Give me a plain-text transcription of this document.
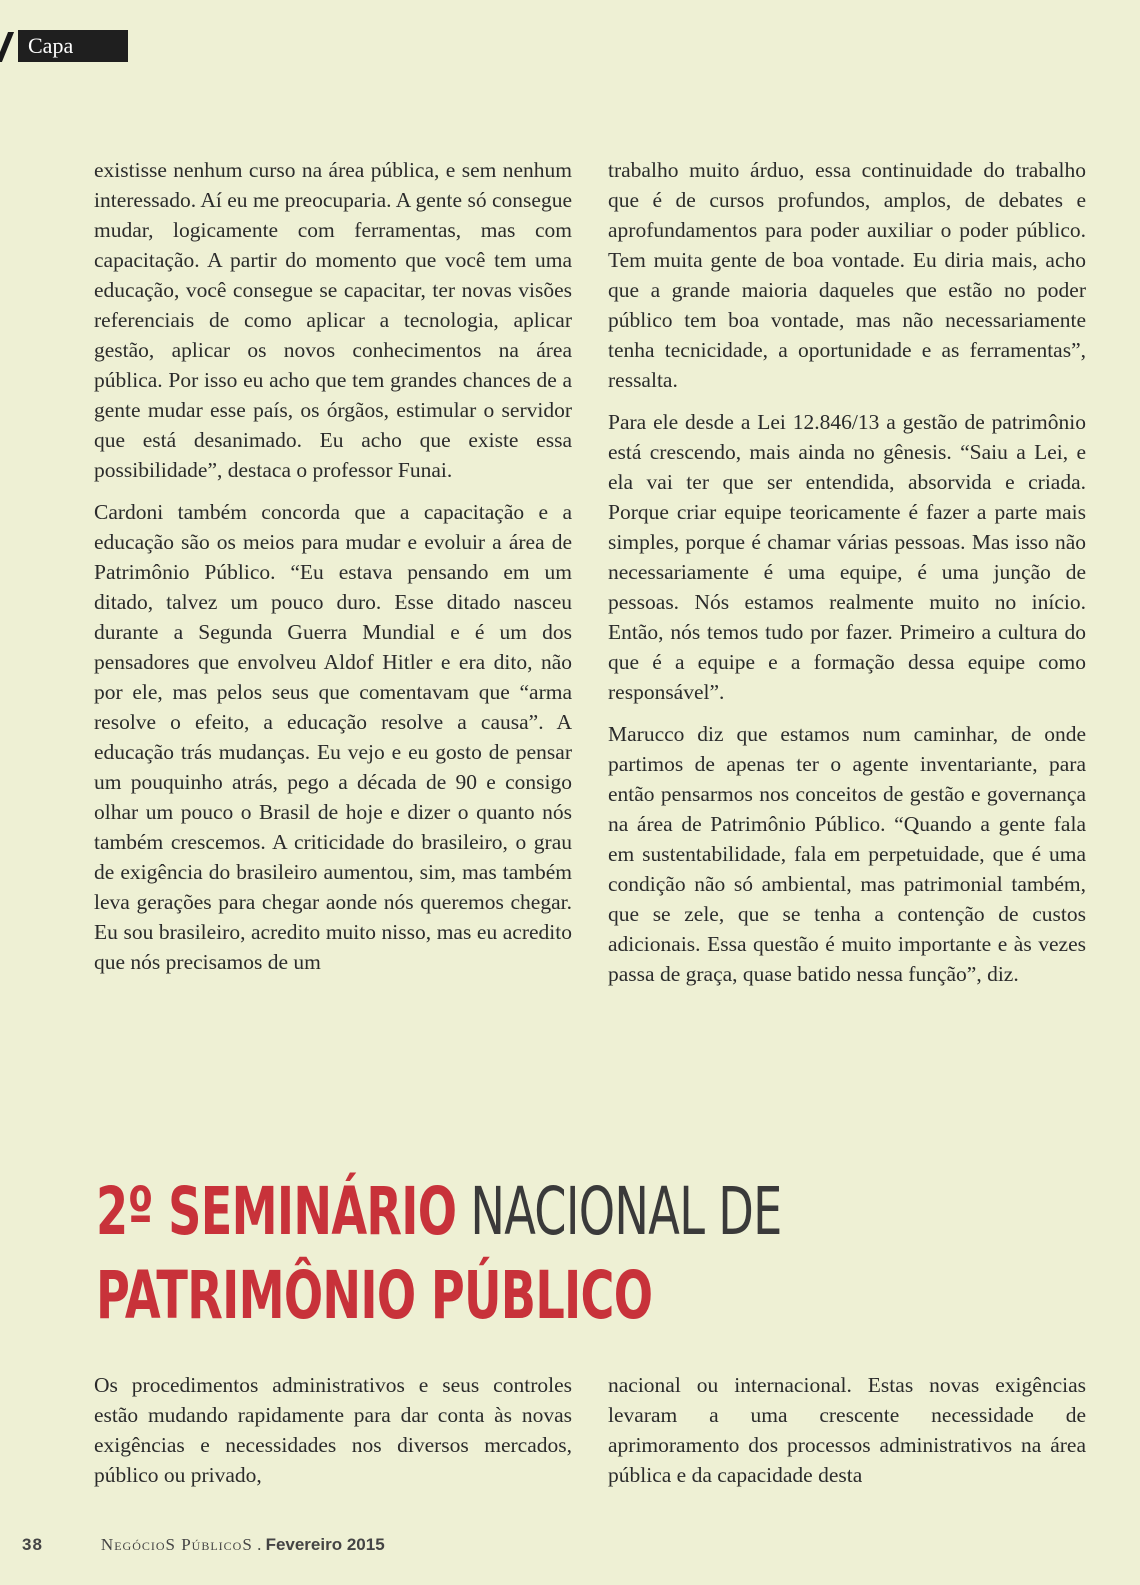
Capa

existisse nenhum curso na área pública, e sem nenhum interessado. Aí eu me preocuparia. A gente só consegue mudar, logicamente com ferramentas, mas com capacitação. A partir do momento que você tem uma educação, você consegue se capacitar, ter novas visões referenciais de como aplicar a tecnologia, aplicar gestão, aplicar os novos conhecimentos na área pública. Por isso eu acho que tem grandes chances de a gente mudar esse país, os órgãos, estimular o servidor que está desanimado. Eu acho que existe essa possibilidade”, destaca o professor Funai.

Cardoni também concorda que a capacitação e a educação são os meios para mudar e evoluir a área de Patrimônio Público. “Eu estava pensando em um ditado, talvez um pouco duro. Esse ditado nasceu durante a Segunda Guerra Mundial e é um dos pensadores que envolveu Aldof Hitler e era dito, não por ele, mas pelos seus que comentavam que “arma resolve o efeito, a educação resolve a causa”. A educação trás mudanças. Eu vejo e eu gosto de pensar um pouquinho atrás, pego a década de 90 e consigo olhar um pouco o Brasil de hoje e dizer o quanto nós também crescemos. A criticidade do brasileiro, o grau de exigência do brasileiro aumentou, sim, mas também leva gerações para chegar aonde nós queremos chegar. Eu sou brasileiro, acredito muito nisso, mas eu acredito que nós precisamos de um

trabalho muito árduo, essa continuidade do trabalho que é de cursos profundos, amplos, de debates e aprofundamentos para poder auxiliar o poder público. Tem muita gente de boa vontade. Eu diria mais, acho que a grande maioria daqueles que estão no poder público tem boa vontade, mas não necessariamente tenha tecnicidade, a oportunidade e as ferramentas”, ressalta.

Para ele desde a Lei 12.846/13 a gestão de patrimônio está crescendo, mais ainda no gênesis. “Saiu a Lei, e ela vai ter que ser entendida, absorvida e criada. Porque criar equipe teoricamente é fazer a parte mais simples, porque é chamar várias pessoas. Mas isso não necessariamente é uma equipe, é uma junção de pessoas. Nós estamos realmente muito no início. Então, nós temos tudo por fazer. Primeiro a cultura do que é a equipe e a formação dessa equipe como responsável”.

Marucco diz que estamos num caminhar, de onde partimos de apenas ter o agente inventariante, para então pensarmos nos conceitos de gestão e governança na área de Patrimônio Público. “Quando a gente fala em sustentabilidade, fala em perpetuidade, que é uma condição não só ambiental, mas patrimonial também, que se zele, que se tenha a contenção de custos adicionais. Essa questão é muito importante e às vezes passa de graça, quase batido nessa função”, diz.

2º SEMINÁRIO NACIONAL DE
PATRIMÔNIO PÚBLICO

Os procedimentos administrativos e seus controles estão mudando rapidamente para dar conta às novas exigências e necessidades nos diversos mercados, público ou privado,

nacional ou internacional. Estas novas exigências levaram a uma crescente necessidade de aprimoramento dos processos administrativos na área pública e da capacidade desta

38	NegócioS PúblicoS . Fevereiro 2015
